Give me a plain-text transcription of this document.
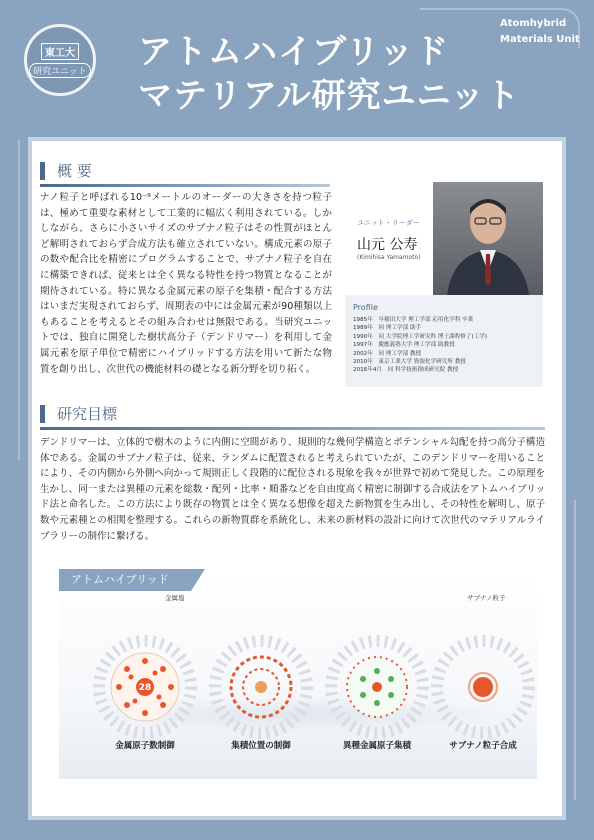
東工大
研究ユニット アトムハイブリッド
マテリアル研究ユニット
Atomhybrid
Materials Unit
概 要
ナノ粒子と呼ばれる10⁻⁹メートルのオーダーの大きさを持つ粒子は、極めて重要な素材として工業的に幅広く利用されている。しかしながら、さらに小さいサイズのサブナノ粒子はその性質がほとんど解明されておらず合成方法も確立されていない。構成元素の原子の数や配合比を精密にプログラムすることで、サブナノ粒子を自在に構築できれば、従来とは全く異なる特性を持つ物質となることが期待されている。特に異なる金属元素の原子を集積・配合する方法はいまだ実現されておらず、周期表の中には金属元素が90種類以上もあることを考えるとその組み合わせは無限である。当研究ユニットでは、独自に開発した樹状高分子（デンドリマー）を利用して金属元素を原子単位で精密にハイブリッドする方法を用いて新たな物質を創り出し、次世代の機能材料の礎となる新分野を切り拓く。
ユニット・リーダー
山元 公寿
(Kimihisa Yamamoto)
Profile
1985年　早稲田大学 理工学部 応用化学科 卒業
1989年　同 理工学部 助手
1990年　同 大学院理工学研究科 博士課程修了(工学)
1997年　慶應義塾大学 理工学部 助教授
2002年　同 理工学部 教授
2010年　東京工業大学 資源化学研究所 教授
2016年4月　同 科学技術創成研究院 教授
研究目標
デンドリマーは、立体的で樹木のように内側に空間があり、規則的な幾何学構造とポテンシャル勾配を持つ高分子構造体である。金属のサブナノ粒子は、従来、ランダムに配置されると考えられていたが、このデンドリマーを用いることにより、その内側から外側へ向かって規則正しく段階的に配位される現象を我々が世界で初めて発見した。この原理を生かし、同一または異種の元素を総数・配列・比率・順番などを自由度高く精密に制御する合成法をアトムハイブリッド法と命名した。この方法により既存の物質とは全く異なる想像を超えた新物質を生み出し、その特性を解明し、原子数や元素種との相関を整理する。これらの新物質群を系統化し、未来の新材料の設計に向けて次世代のマテリアルライブラリーの制作に繋げる。
アトムハイブリッド
28
金属塩	サブナノ粒子
金属原子数制御	集積位置の制御	異種金属原子集積	サブナノ粒子合成
